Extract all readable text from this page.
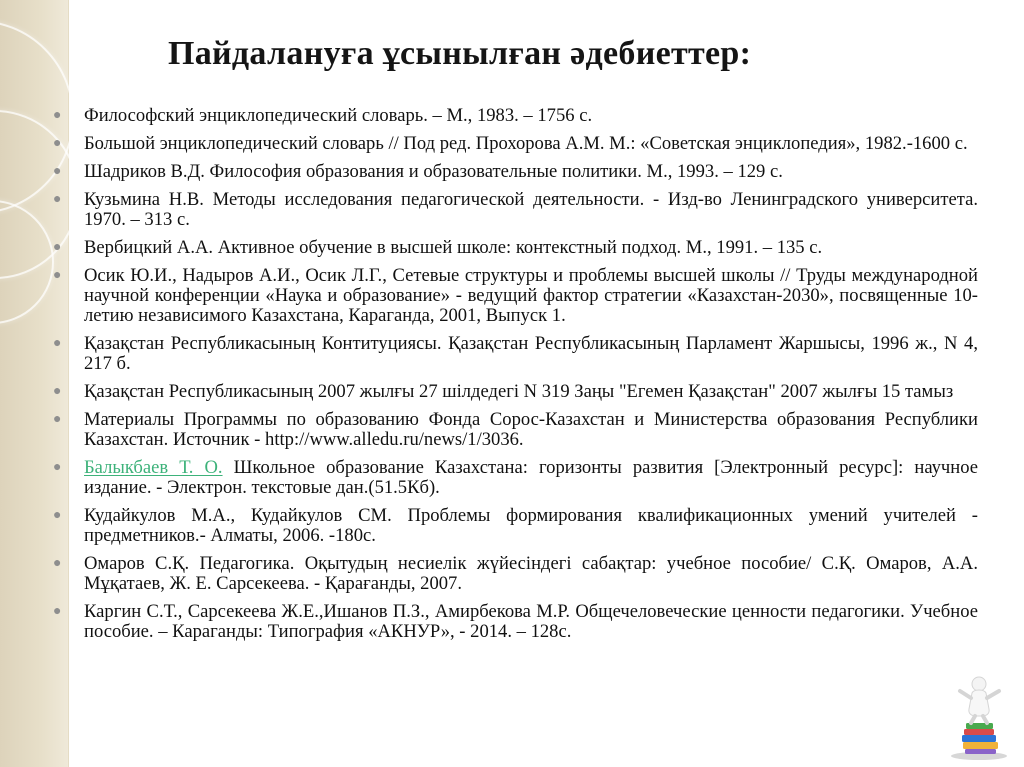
Пайдалануға ұсынылған әдебиеттер:
● Философский энциклопедический словарь. – М., 1983. – 1756 с.
● Большой энциклопедический словарь // Под ред. Прохорова А.М. М.: «Советская энциклопедия», 1982.-1600 с.
● Шадриков В.Д. Философия образования и образовательные политики. М., 1993. – 129 с.
● Кузьмина Н.В. Методы исследования педагогической деятельности. - Изд-во Ленинградского университета. 1970. – 313 с.
● Вербицкий А.А. Активное обучение в высшей школе: контекстный подход. М., 1991. – 135 с.
● Осик Ю.И., Надыров А.И., Осик Л.Г., Сетевые структуры и проблемы высшей школы // Труды международной научной конференции «Наука и образование» - ведущий фактор стратегии «Казахстан-2030», посвященные 10-летию независимого Казахстана, Караганда, 2001, Выпуск 1.
● Қазақстан Республикасының Контитуциясы. Қазақстан Республикасының Парламент Жаршысы, 1996 ж., N 4, 217 б.
● Қазақстан Республикасының 2007 жылғы 27 шілдедегі N 319 Заңы "Егемен Қазақстан" 2007 жылғы 15 тамыз
● Материалы Программы по образованию Фонда Сорос-Казахстан и Министерства образования Республики Казахстан. Источник - http://www.alledu.ru/news/1/3036.
● Балыкбаев Т. О. Школьное образование Казахстана: горизонты развития [Электронный ресурс]: научное издание. - Электрон. текстовые дан.(51.5Кб).
● Кудайкулов М.А., Кудайкулов СМ. Проблемы формирования квалификационных умений учителей - предметников.- Алматы, 2006. -180с.
● Омаров С.Қ. Педагогика. Оқытудың несиелік жүйесіндегі сабақтар: учебное пособие/ С.Қ. Омаров, А.А. Мұқатаев, Ж. Е. Сарсекеева. - Қарағанды, 2007.
● Каргин С.Т., Сарсекеева Ж.Е.,Ишанов П.З., Амирбекова М.Р. Общечеловеческие ценности педагогики. Учебное пособие. – Караганды: Типография «АКНУР», - 2014. – 128с.
